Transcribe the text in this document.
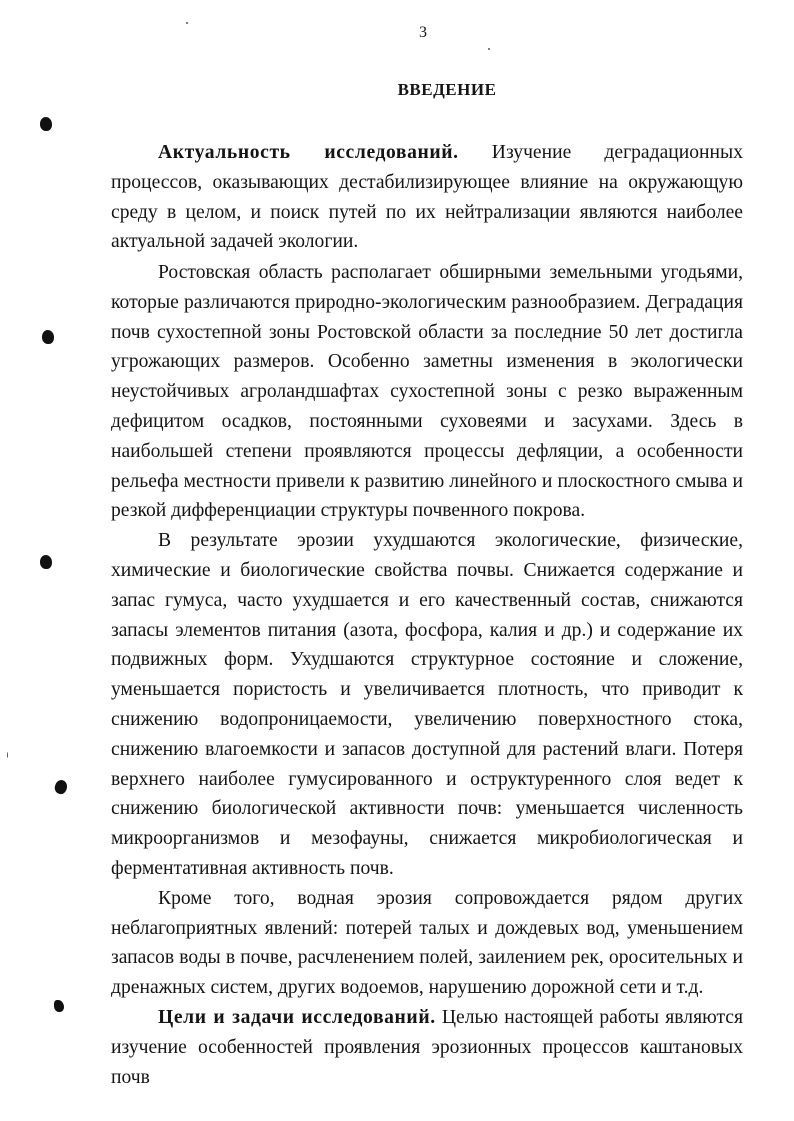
3
ВВЕДЕНИЕ

Актуальность исследований. Изучение деградационных процессов, оказывающих дестабилизирующее влияние на окружающую среду в целом, и поиск путей по их нейтрализации являются наиболее актуальной задачей экологии.

Ростовская область располагает обширными земельными угодьями, которые различаются природно-экологическим разнообразием. Деградация почв сухостепной зоны Ростовской области за последние 50 лет достигла угрожающих размеров. Особенно заметны изменения в экологически неустойчивых агроландшафтах сухостепной зоны с резко выраженным дефицитом осадков, постоянными суховеями и засухами. Здесь в наибольшей степени проявляются процессы дефляции, а особенности рельефа местности привели к развитию линейного и плоскостного смыва и резкой дифференциации структуры почвенного покрова.

В результате эрозии ухудшаются экологические, физические, химические и биологические свойства почвы. Снижается содержание и запас гумуса, часто ухудшается и его качественный состав, снижаются запасы элементов питания (азота, фосфора, калия и др.) и содержание их подвижных форм. Ухудшаются структурное состояние и сложение, уменьшается пористость и увеличивается плотность, что приводит к снижению водопроницаемости, увеличению поверхностного стока, снижению влагоемкости и запасов доступной для растений влаги. Потеря верхнего наиболее гумусированного и оструктуренного слоя ведет к снижению биологической активности почв: уменьшается численность микроорганизмов и мезофауны, снижается микробиологическая и ферментативная активность почв.

Кроме того, водная эрозия сопровождается рядом других неблагоприятных явлений: потерей талых и дождевых вод, уменьшением запасов воды в почве, расчленением полей, заилением рек, оросительных и дренажных систем, других водоемов, нарушению дорожной сети и т.д.

Цели и задачи исследований. Целью настоящей работы являются изучение особенностей проявления эрозионных процессов каштановых почв
